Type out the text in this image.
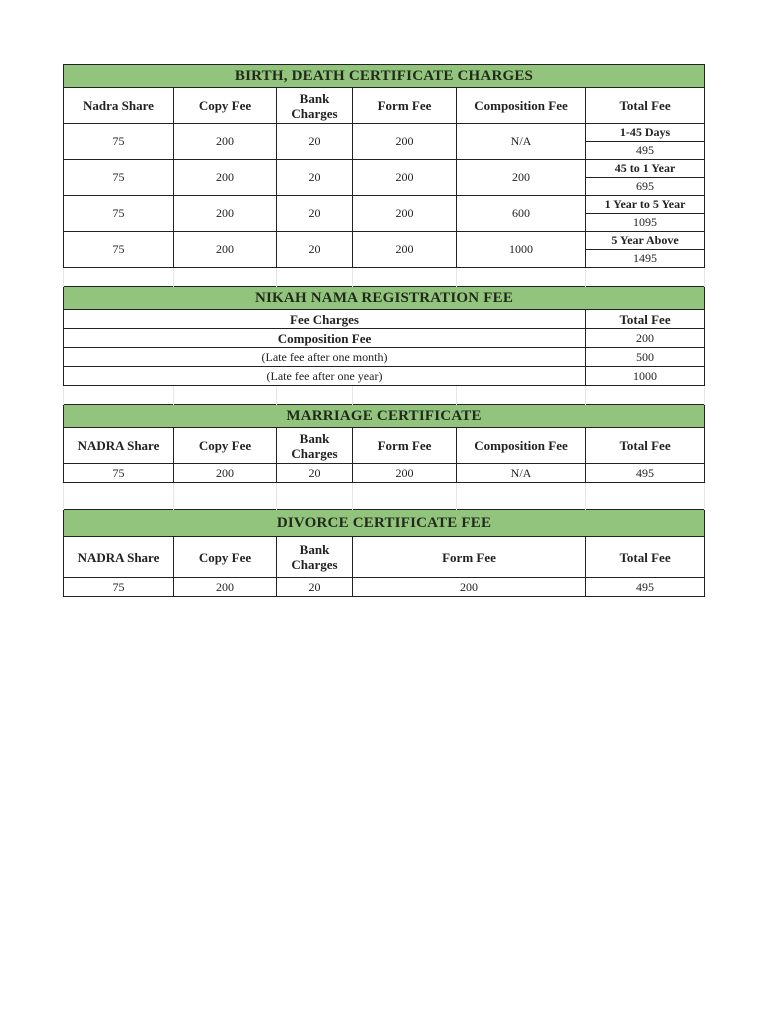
BIRTH, DEATH CERTIFICATE CHARGES					
Nadra Share	Copy Fee	Bank Charges	Form Fee	Composition Fee	Total Fee
75	200	20	200	N/A	1-45 Days
					495
75	200	20	200	200	45 to 1 Year
					695
75	200	20	200	600	1 Year to 5 Year
					1095
75	200	20	200	1000	5 Year Above
					1495

NIKAH NAMA REGISTRATION FEE					
Fee Charges					Total Fee
Composition Fee					200
(Late fee after one month)					500
(Late fee after one year)					1000

MARRIAGE CERTIFICATE					
NADRA Share	Copy Fee	Bank Charges	Form Fee	Composition Fee	Total Fee
75	200	20	200	N/A	495

DIVORCE CERTIFICATE FEE					
NADRA Share	Copy Fee	Bank Charges	Form Fee		Total Fee
75	200	20	200		495
